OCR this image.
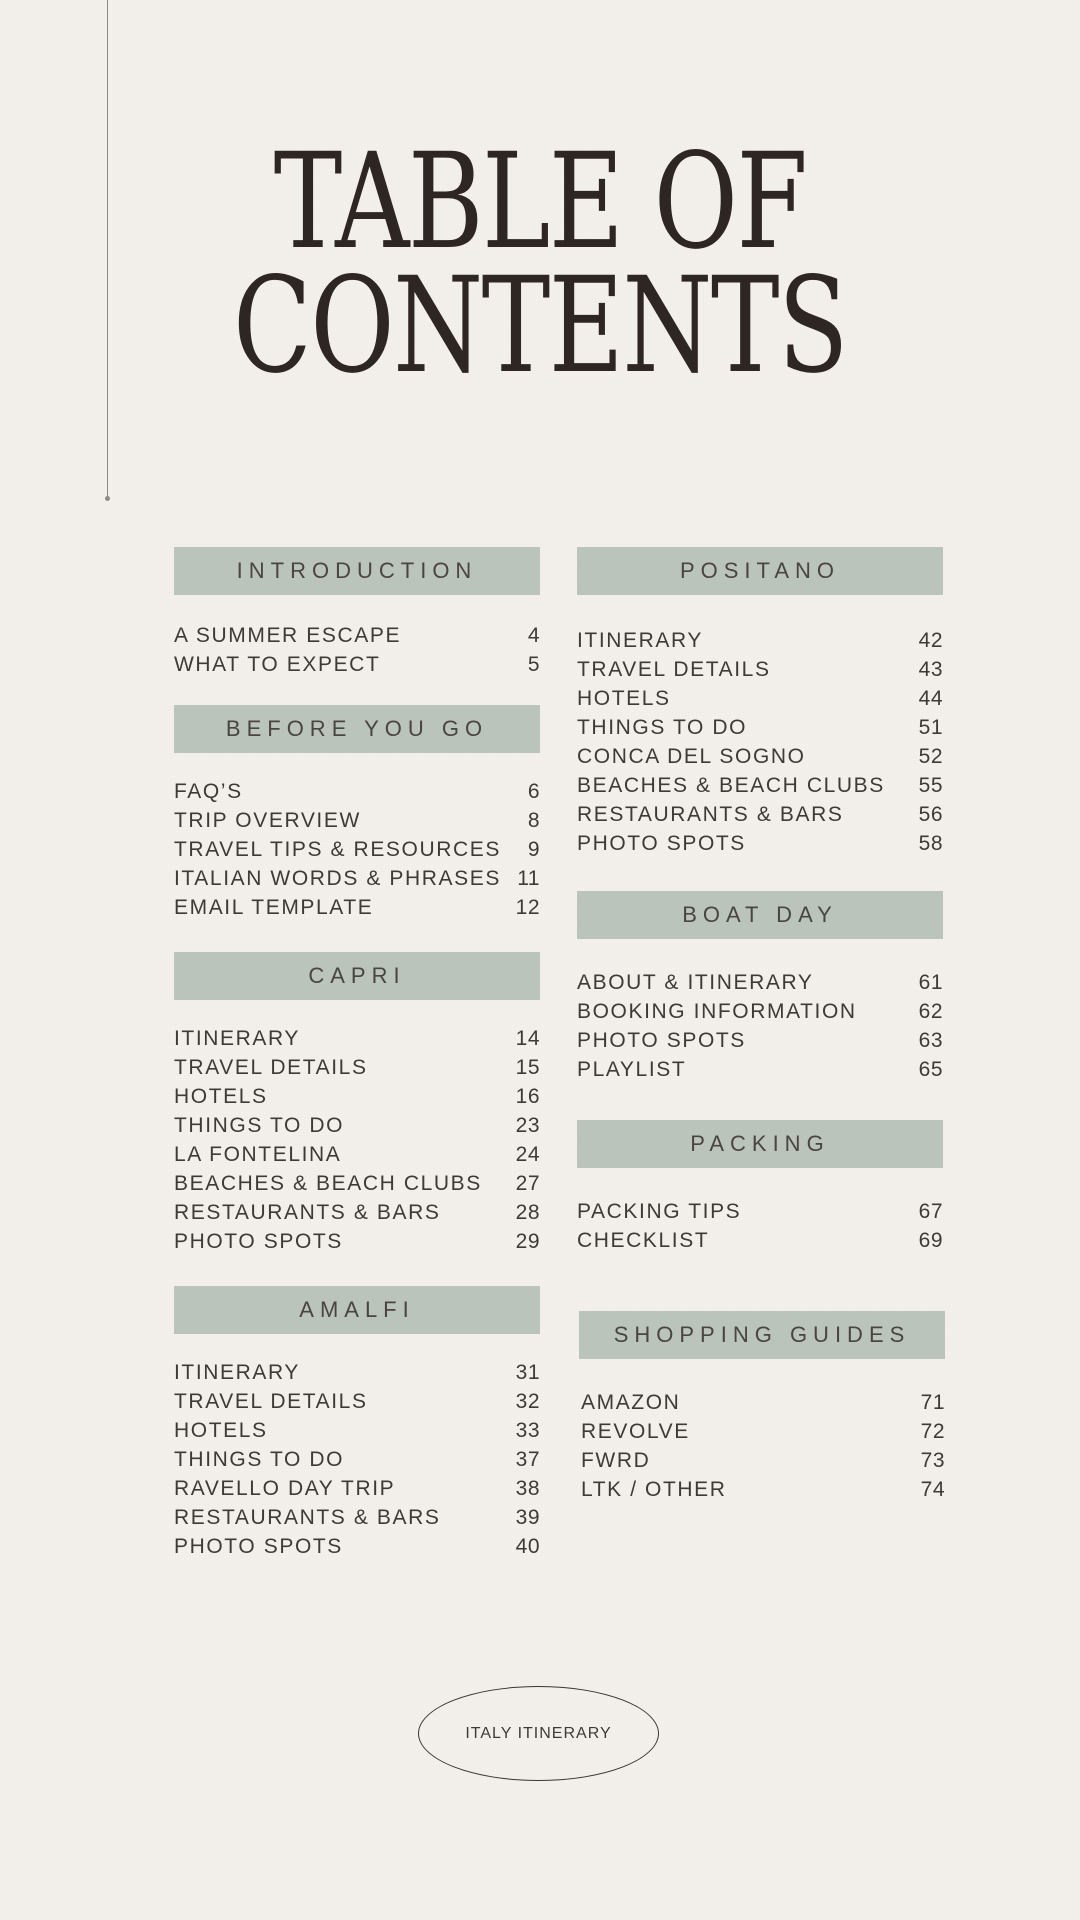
TABLE OF
CONTENTS
INTRODUCTION
A SUMMER ESCAPE	4
WHAT TO EXPECT	5
BEFORE YOU GO
FAQ’S	6
TRIP OVERVIEW	8
TRAVEL TIPS & RESOURCES 9
ITALIAN WORDS & PHRASES 11
EMAIL TEMPLATE	12
CAPRI
ITINERARY	14
TRAVEL DETAILS	15
HOTELS	16
THINGS TO DO	23
LA FONTELINA	24
BEACHES & BEACH CLUBS 27
RESTAURANTS & BARS	28
PHOTO SPOTS	29
AMALFI
ITINERARY	31
TRAVEL DETAILS	32
HOTELS	33
THINGS TO DO	37
RAVELLO DAY TRIP	38
RESTAURANTS & BARS	39
PHOTO SPOTS	40
POSITANO
ITINERARY	42
TRAVEL DETAILS	43
HOTELS	44
THINGS TO DO	51
CONCA DEL SOGNO	52
BEACHES & BEACH CLUBS 55
RESTAURANTS & BARS	56
PHOTO SPOTS	58
BOAT DAY
ABOUT & ITINERARY	61
BOOKING INFORMATION	62
PHOTO SPOTS	63
PLAYLIST	65
PACKING
PACKING TIPS	67
CHECKLIST	69
SHOPPING GUIDES
AMAZON	71
REVOLVE	72
FWRD	73
LTK / OTHER	74
ITALY ITINERARY
